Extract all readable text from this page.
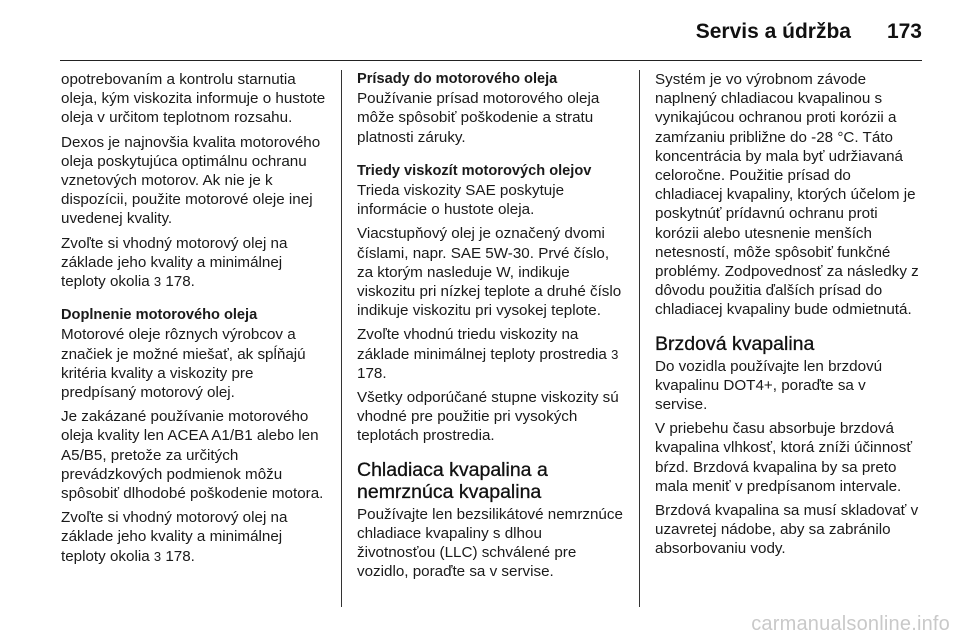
Servis a údržba 173

opotrebovaním a kontrolu starnutia oleja, kým viskozita informuje o hustote oleja v určitom teplotnom rozsahu.

Dexos je najnovšia kvalita motorového oleja poskytujúca optimálnu ochranu vznetových motorov. Ak nie je k dispozícii, použite motorové oleje inej uvedenej kvality.

Zvoľte si vhodný motorový olej na základe jeho kvality a minimálnej teploty okolia 3 178.

Doplnenie motorového oleja

Motorové oleje rôznych výrobcov a značiek je možné miešať, ak spĺňajú kritéria kvality a viskozity pre predpísaný motorový olej.

Je zakázané používanie motorového oleja kvality len ACEA A1/B1 alebo len A5/B5, pretože za určitých prevádzkových podmienok môžu spôsobiť dlhodobé poškodenie motora.

Zvoľte si vhodný motorový olej na základe jeho kvality a minimálnej teploty okolia 3 178.

Prísady do motorového oleja

Používanie prísad motorového oleja môže spôsobiť poškodenie a stratu platnosti záruky.

Triedy viskozít motorových olejov

Trieda viskozity SAE poskytuje informácie o hustote oleja.

Viacstupňový olej je označený dvomi číslami, napr. SAE 5W-30. Prvé číslo, za ktorým nasleduje W, indikuje viskozitu pri nízkej teplote a druhé číslo indikuje viskozitu pri vysokej teplote.

Zvoľte vhodnú triedu viskozity na základe minimálnej teploty prostredia 3 178.

Všetky odporúčané stupne viskozity sú vhodné pre použitie pri vysokých teplotách prostredia.

Chladiaca kvapalina a nemrznúca kvapalina

Používajte len bezsilikátové nemrznúce chladiace kvapaliny s dlhou životnosťou (LLC) schválené pre vozidlo, poraďte sa v servise.

Systém je vo výrobnom závode naplnený chladiacou kvapalinou s vynikajúcou ochranou proti korózii a zamŕzaniu približne do -28 °C. Táto koncentrácia by mala byť udržiavaná celoročne. Použitie prísad do chladiacej kvapaliny, ktorých účelom je poskytnúť prídavnú ochranu proti korózii alebo utesnenie menších netesností, môže spôsobiť funkčné problémy. Zodpovednosť za následky z dôvodu použitia ďalších prísad do chladiacej kvapaliny bude odmietnutá.

Brzdová kvapalina

Do vozidla používajte len brzdovú kvapalinu DOT4+, poraďte sa v servise.

V priebehu času absorbuje brzdová kvapalina vlhkosť, ktorá zníži účinnosť bŕzd. Brzdová kvapalina by sa preto mala meniť v predpísanom intervale.

Brzdová kvapalina sa musí skladovať v uzavretej nádobe, aby sa zabránilo absorbovaniu vody.

carmanualsonline.info
